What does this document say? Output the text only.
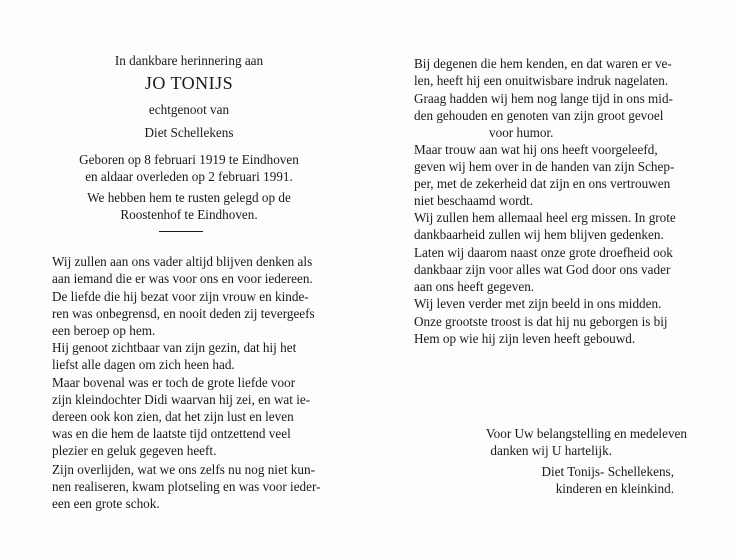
In dankbare herinnering aan
JO TONIJS
echtgenoot van
Diet Schellekens
Geboren op 8 februari 1919 te Eindhoven
en aldaar overleden op 2 februari 1991.
We hebben hem te rusten gelegd op de
Roostenhof te Eindhoven.
Wij zullen aan ons vader altijd blijven denken als
aan iemand die er was voor ons en voor iedereen.
De liefde die hij bezat voor zijn vrouw en kinde-
ren was onbegrensd, en nooit deden zij tevergeefs
een beroep op hem.
Hij genoot zichtbaar van zijn gezin, dat hij het
liefst alle dagen om zich heen had.
Maar bovenal was er toch de grote liefde voor
zijn kleindochter Didi waarvan hij zei, en wat ie-
dereen ook kon zien, dat het zijn lust en leven
was en die hem de laatste tijd ontzettend veel
plezier en geluk gegeven heeft.
Zijn overlijden, wat we ons zelfs nu nog niet kun-
nen realiseren, kwam plotseling en was voor ieder-
een een grote schok.
Bij degenen die hem kenden, en dat waren er ve-
len, heeft hij een onuitwisbare indruk nagelaten.
Graag hadden wij hem nog lange tijd in ons mid-
den gehouden en genoten van zijn groot gevoel
voor humor.
Maar trouw aan wat hij ons heeft voorgeleefd,
geven wij hem over in de handen van zijn Schep-
per, met de zekerheid dat zijn en ons vertrouwen
niet beschaamd wordt.
Wij zullen hem allemaal heel erg missen. In grote
dankbaarheid zullen wij hem blijven gedenken.
Laten wij daarom naast onze grote droefheid ook
dankbaar zijn voor alles wat God door ons vader
aan ons heeft gegeven.
Wij leven verder met zijn beeld in ons midden.
Onze grootste troost is dat hij nu geborgen is bij
Hem op wie hij zijn leven heeft gebouwd.
Voor Uw belangstelling en medeleven
danken wij U hartelijk.
Diet Tonijs- Schellekens,
kinderen en kleinkind.
